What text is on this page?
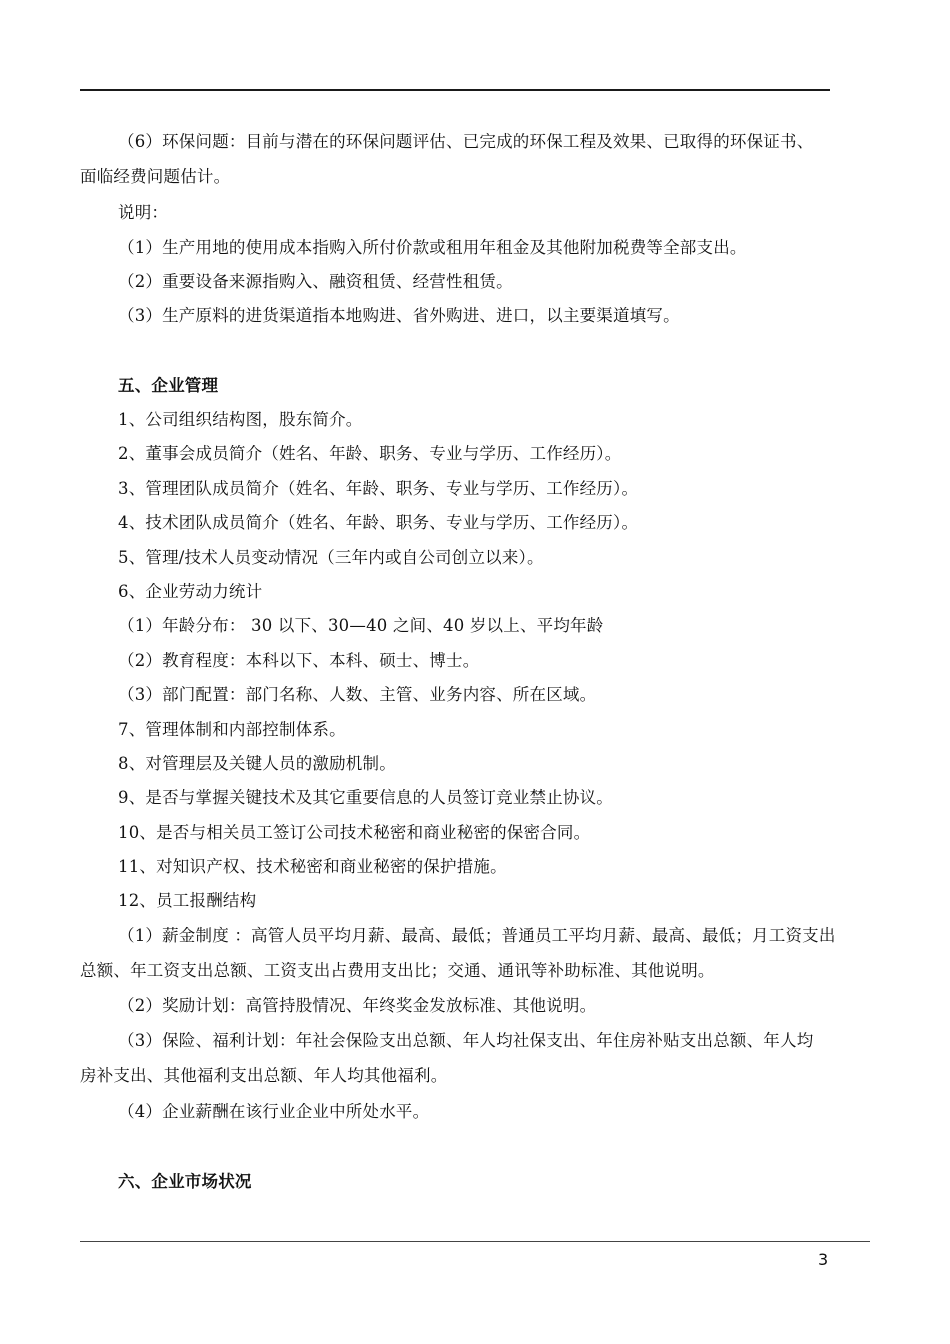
（6）环保问题：目前与潜在的环保问题评估、已完成的环保工程及效果、已取得的环保证书、
面临经费问题估计。
说明：
（1）生产用地的使用成本指购入所付价款或租用年租金及其他附加税费等全部支出。
（2）重要设备来源指购入、融资租赁、经营性租赁。
（3）生产原料的进货渠道指本地购进、省外购进、进口，以主要渠道填写。
五、企业管理
1、公司组织结构图，股东简介。
2、董事会成员简介（姓名、年龄、职务、专业与学历、工作经历）。
3、管理团队成员简介（姓名、年龄、职务、专业与学历、工作经历）。
4、技术团队成员简介（姓名、年龄、职务、专业与学历、工作经历）。
5、管理/技术人员变动情况（三年内或自公司创立以来）。
6、企业劳动力统计
（1）年龄分布： 30 以下、30—40 之间、40 岁以上、平均年龄
（2）教育程度：本科以下、本科、硕士、博士。
（3）部门配置：部门名称、人数、主管、业务内容、所在区域。
7、管理体制和内部控制体系。
8、对管理层及关键人员的激励机制。
9、是否与掌握关键技术及其它重要信息的人员签订竞业禁止协议。
10、是否与相关员工签订公司技术秘密和商业秘密的保密合同。
11、对知识产权、技术秘密和商业秘密的保护措施。
12、员工报酬结构
（1）薪金制度 ：高管人员平均月薪、最高、最低；普通员工平均月薪、最高、最低；月工资支出
总额、年工资支出总额、工资支出占费用支出比；交通、通讯等补助标准、其他说明。
（2）奖励计划：高管持股情况、年终奖金发放标准、其他说明。
（3）保险、福利计划：年社会保险支出总额、年人均社保支出、年住房补贴支出总额、年人均
房补支出、其他福利支出总额、年人均其他福利。
（4）企业薪酬在该行业企业中所处水平。
六、企业市场状况
3
